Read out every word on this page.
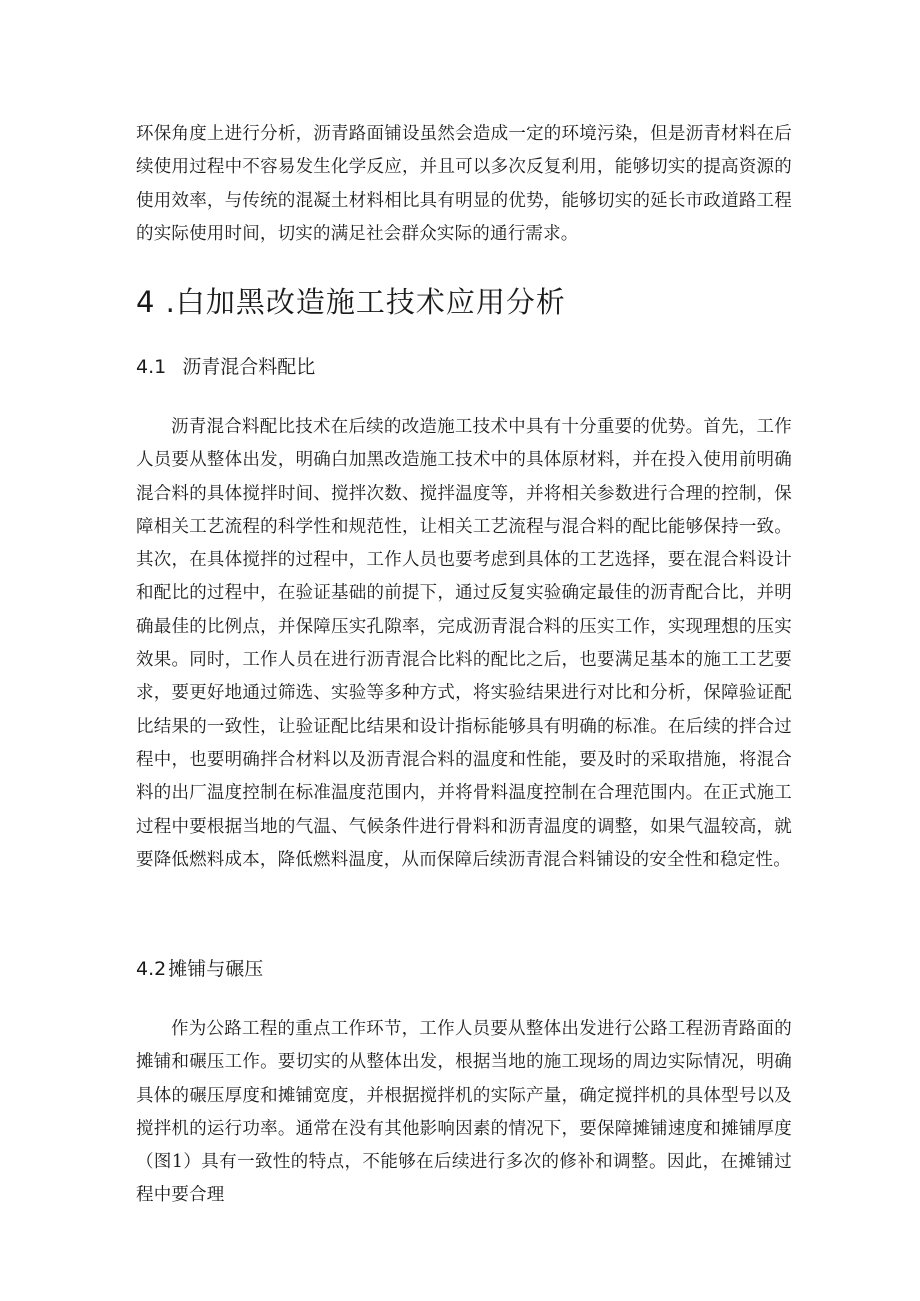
环保角度上进行分析，沥青路面铺设虽然会造成一定的环境污染，但是沥青材料在后续使用过程中不容易发生化学反应，并且可以多次反复利用，能够切实的提高资源的使用效率，与传统的混凝土材料相比具有明显的优势，能够切实的延长市政道路工程的实际使用时间，切实的满足社会群众实际的通行需求。

4 .白加黑改造施工技术应用分析
4.1 沥青混合料配比

沥青混合料配比技术在后续的改造施工技术中具有十分重要的优势。首先，工作人员要从整体出发，明确白加黑改造施工技术中的具体原材料，并在投入使用前明确混合料的具体搅拌时间、搅拌次数、搅拌温度等，并将相关参数进行合理的控制，保障相关工艺流程的科学性和规范性，让相关工艺流程与混合料的配比能够保持一致。其次，在具体搅拌的过程中，工作人员也要考虑到具体的工艺选择，要在混合料设计和配比的过程中，在验证基础的前提下，通过反复实验确定最佳的沥青配合比，并明确最佳的比例点，并保障压实孔隙率，完成沥青混合料的压实工作，实现理想的压实效果。同时，工作人员在进行沥青混合比料的配比之后，也要满足基本的施工工艺要求，要更好地通过筛选、实验等多种方式，将实验结果进行对比和分析，保障验证配比结果的一致性，让验证配比结果和设计指标能够具有明确的标准。在后续的拌合过程中，也要明确拌合材料以及沥青混合料的温度和性能，要及时的采取措施，将混合料的出厂温度控制在标准温度范围内，并将骨料温度控制在合理范围内。在正式施工过程中要根据当地的气温、气候条件进行骨料和沥青温度的调整，如果气温较高，就要降低燃料成本，降低燃料温度，从而保障后续沥青混合料铺设的安全性和稳定性。

4.2 摊铺与碾压

作为公路工程的重点工作环节，工作人员要从整体出发进行公路工程沥青路面的摊铺和碾压工作。要切实的从整体出发，根据当地的施工现场的周边实际情况，明确具体的碾压厚度和摊铺宽度，并根据搅拌机的实际产量，确定搅拌机的具体型号以及搅拌机的运行功率。通常在没有其他影响因素的情况下，要保障摊铺速度和摊铺厚度（图1）具有一致性的特点，不能够在后续进行多次的修补和调整。因此，在摊铺过程中要合理
